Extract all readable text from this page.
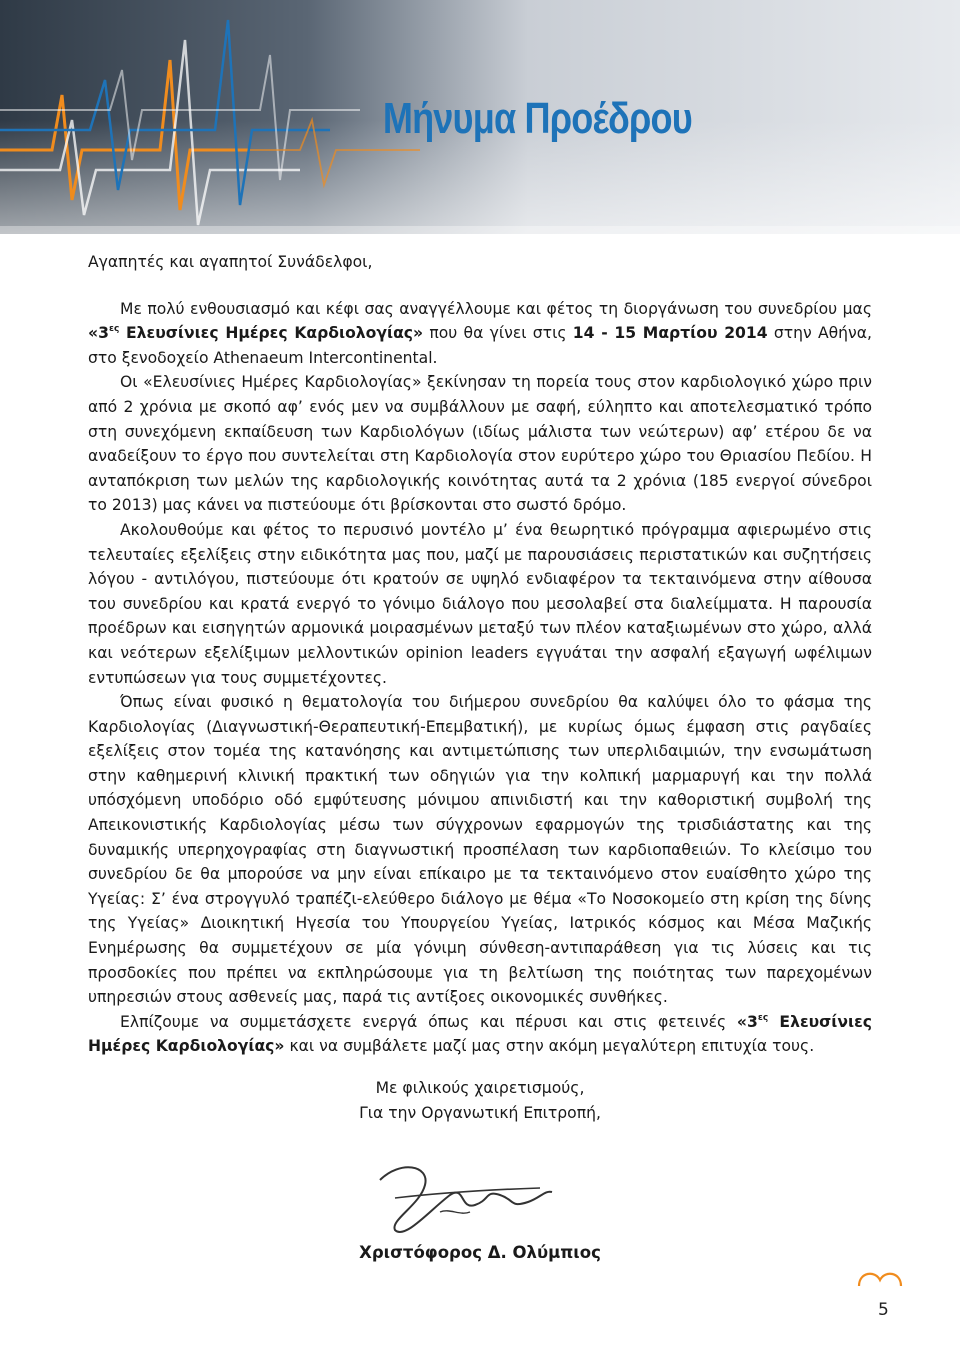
Μήνυμα Προέδρου

Αγαπητές και αγαπητοί Συνάδελφοι,

Με πολύ ενθουσιασμό και κέφι σας αναγγέλλουμε και φέτος τη διοργάνωση του συνεδρίου μας «$3^{\varepsilon\varsigma}$ Ελευσίνιες Ημέρες Καρδιολογίας» που θα γίνει στις 14 - 15 Μαρτίου 2014 στην Αθήνα, στο ξενοδοχείο Athenaeum Intercontinental.

Οι «Ελευσίνιες Ημέρες Καρδιολογίας» ξεκίνησαν τη πορεία τους στον καρδιολογικό χώρο πριν από 2 χρόνια με σκοπό αφ’ ενός μεν να συμβάλλουν με σαφή, εύληπτο και αποτελεσματικό τρόπο στη συνεχόμενη εκπαίδευση των Καρδιολόγων (ιδίως μάλιστα των νεώτερων) αφ’ ετέρου δε να αναδείξουν το έργο που συντελείται στη Καρδιολογία στον ευρύτερο χώρο του Θριασίου Πεδίου. Η ανταπόκριση των μελών της καρδιολογικής κοινότητας αυτά τα 2 χρόνια (185 ενεργοί σύνεδροι το 2013) μας κάνει να πιστεύουμε ότι βρίσκονται στο σωστό δρόμο.

Ακολουθούμε και φέτος το περυσινό μοντέλο μ’ ένα θεωρητικό πρόγραμμα αφιερωμένο στις τελευταίες εξελίξεις στην ειδικότητα μας που, μαζί με παρουσιάσεις περιστατικών και συζητήσεις λόγου - αντιλόγου, πιστεύουμε ότι κρατούν σε υψηλό ενδιαφέρον τα τεκταινόμενα στην αίθουσα του συνεδρίου και κρατά ενεργό το γόνιμο διάλογο που μεσολαβεί στα διαλείμματα. Η παρουσία προέδρων και εισηγητών αρμονικά μοιρασμένων μεταξύ των πλέον καταξιωμένων στο χώρο, αλλά και νεότερων εξελίξιμων μελλοντικών opinion leaders εγγυάται την ασφαλή εξαγωγή ωφέλιμων εντυπώσεων για τους συμμετέχοντες.

Όπως είναι φυσικό η θεματολογία του διήμερου συνεδρίου θα καλύψει όλο το φάσμα της Καρδιολογίας (Διαγνωστική-Θεραπευτική-Επεμβατική), με κυρίως όμως έμφαση στις ραγδαίες εξελίξεις στον τομέα της κατανόησης και αντιμετώπισης των υπερλιδαιμιών, την ενσωμάτωση στην καθημερινή κλινική πρακτική των οδηγιών για την κολπική μαρμαρυγή και την πολλά υπόσχόμενη υποδόριο οδό εμφύτευσης μόνιμου απινιδιστή και την καθοριστική συμβολή της Απεικονιστικής Καρδιολογίας μέσω των σύγχρονων εφαρμογών της τρισδιάστατης και της δυναμικής υπερηχογραφίας στη διαγνωστική προσπέλαση των καρδιοπαθειών. Το κλείσιμο του συνεδρίου δε θα μπορούσε να μην είναι επίκαιρο με τα τεκταινόμενο στον ευαίσθητο χώρο της Υγείας: Σ’ ένα στρογγυλό τραπέζι-ελεύθερο διάλογο με θέμα «Το Νοσοκομείο στη κρίση της δίνης της Υγείας» Διοικητική Ηγεσία του Υπουργείου Υγείας, Ιατρικός κόσμος και Μέσα Μαζικής Ενημέρωσης θα συμμετέχουν σε μία γόνιμη σύνθεση-αντιπαράθεση για τις λύσεις και τις προσδοκίες που πρέπει να εκπληρώσουμε για τη βελτίωση της ποιότητας των παρεχομένων υπηρεσιών στους ασθενείς μας, παρά τις αντίξοες οικονομικές συνθήκες.

Ελπίζουμε να συμμετάσχετε ενεργά όπως και πέρυσι και στις φετεινές «$3^{\varepsilon\varsigma}$ Ελευσίνιες Ημέρες Καρδιολογίας» και να συμβάλετε μαζί μας στην ακόμη μεγαλύτερη επιτυχία τους.

Με φιλικούς χαιρετισμούς,
Για την Οργανωτική Επιτροπή,
Χριστόφορος Δ. Ολύμπιος
5
